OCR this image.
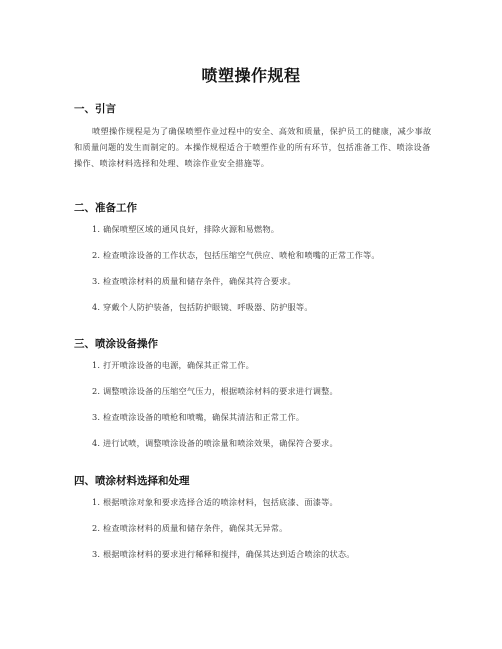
喷塑操作规程
一、引言
喷塑操作规程是为了确保喷塑作业过程中的安全、高效和质量，保护员工的健康，减少事故和质量问题的发生而制定的。本操作规程适合于喷塑作业的所有环节，包括准备工作、喷涂设备操作、喷涂材料选择和处理、喷涂作业安全措施等。
二、准备工作
1. 确保喷塑区域的通风良好，排除火源和易燃物。
2. 检查喷涂设备的工作状态，包括压缩空气供应、喷枪和喷嘴的正常工作等。
3. 检查喷涂材料的质量和储存条件，确保其符合要求。
4. 穿戴个人防护装备，包括防护眼镜、呼吸器、防护服等。
三、喷涂设备操作
1. 打开喷涂设备的电源，确保其正常工作。
2. 调整喷涂设备的压缩空气压力，根据喷涂材料的要求进行调整。
3. 检查喷涂设备的喷枪和喷嘴，确保其清洁和正常工作。
4. 进行试喷，调整喷涂设备的喷涂量和喷涂效果，确保符合要求。
四、喷涂材料选择和处理
1. 根据喷涂对象和要求选择合适的喷涂材料，包括底漆、面漆等。
2. 检查喷涂材料的质量和储存条件，确保其无异常。
3. 根据喷涂材料的要求进行稀释和搅拌，确保其达到适合喷涂的状态。
